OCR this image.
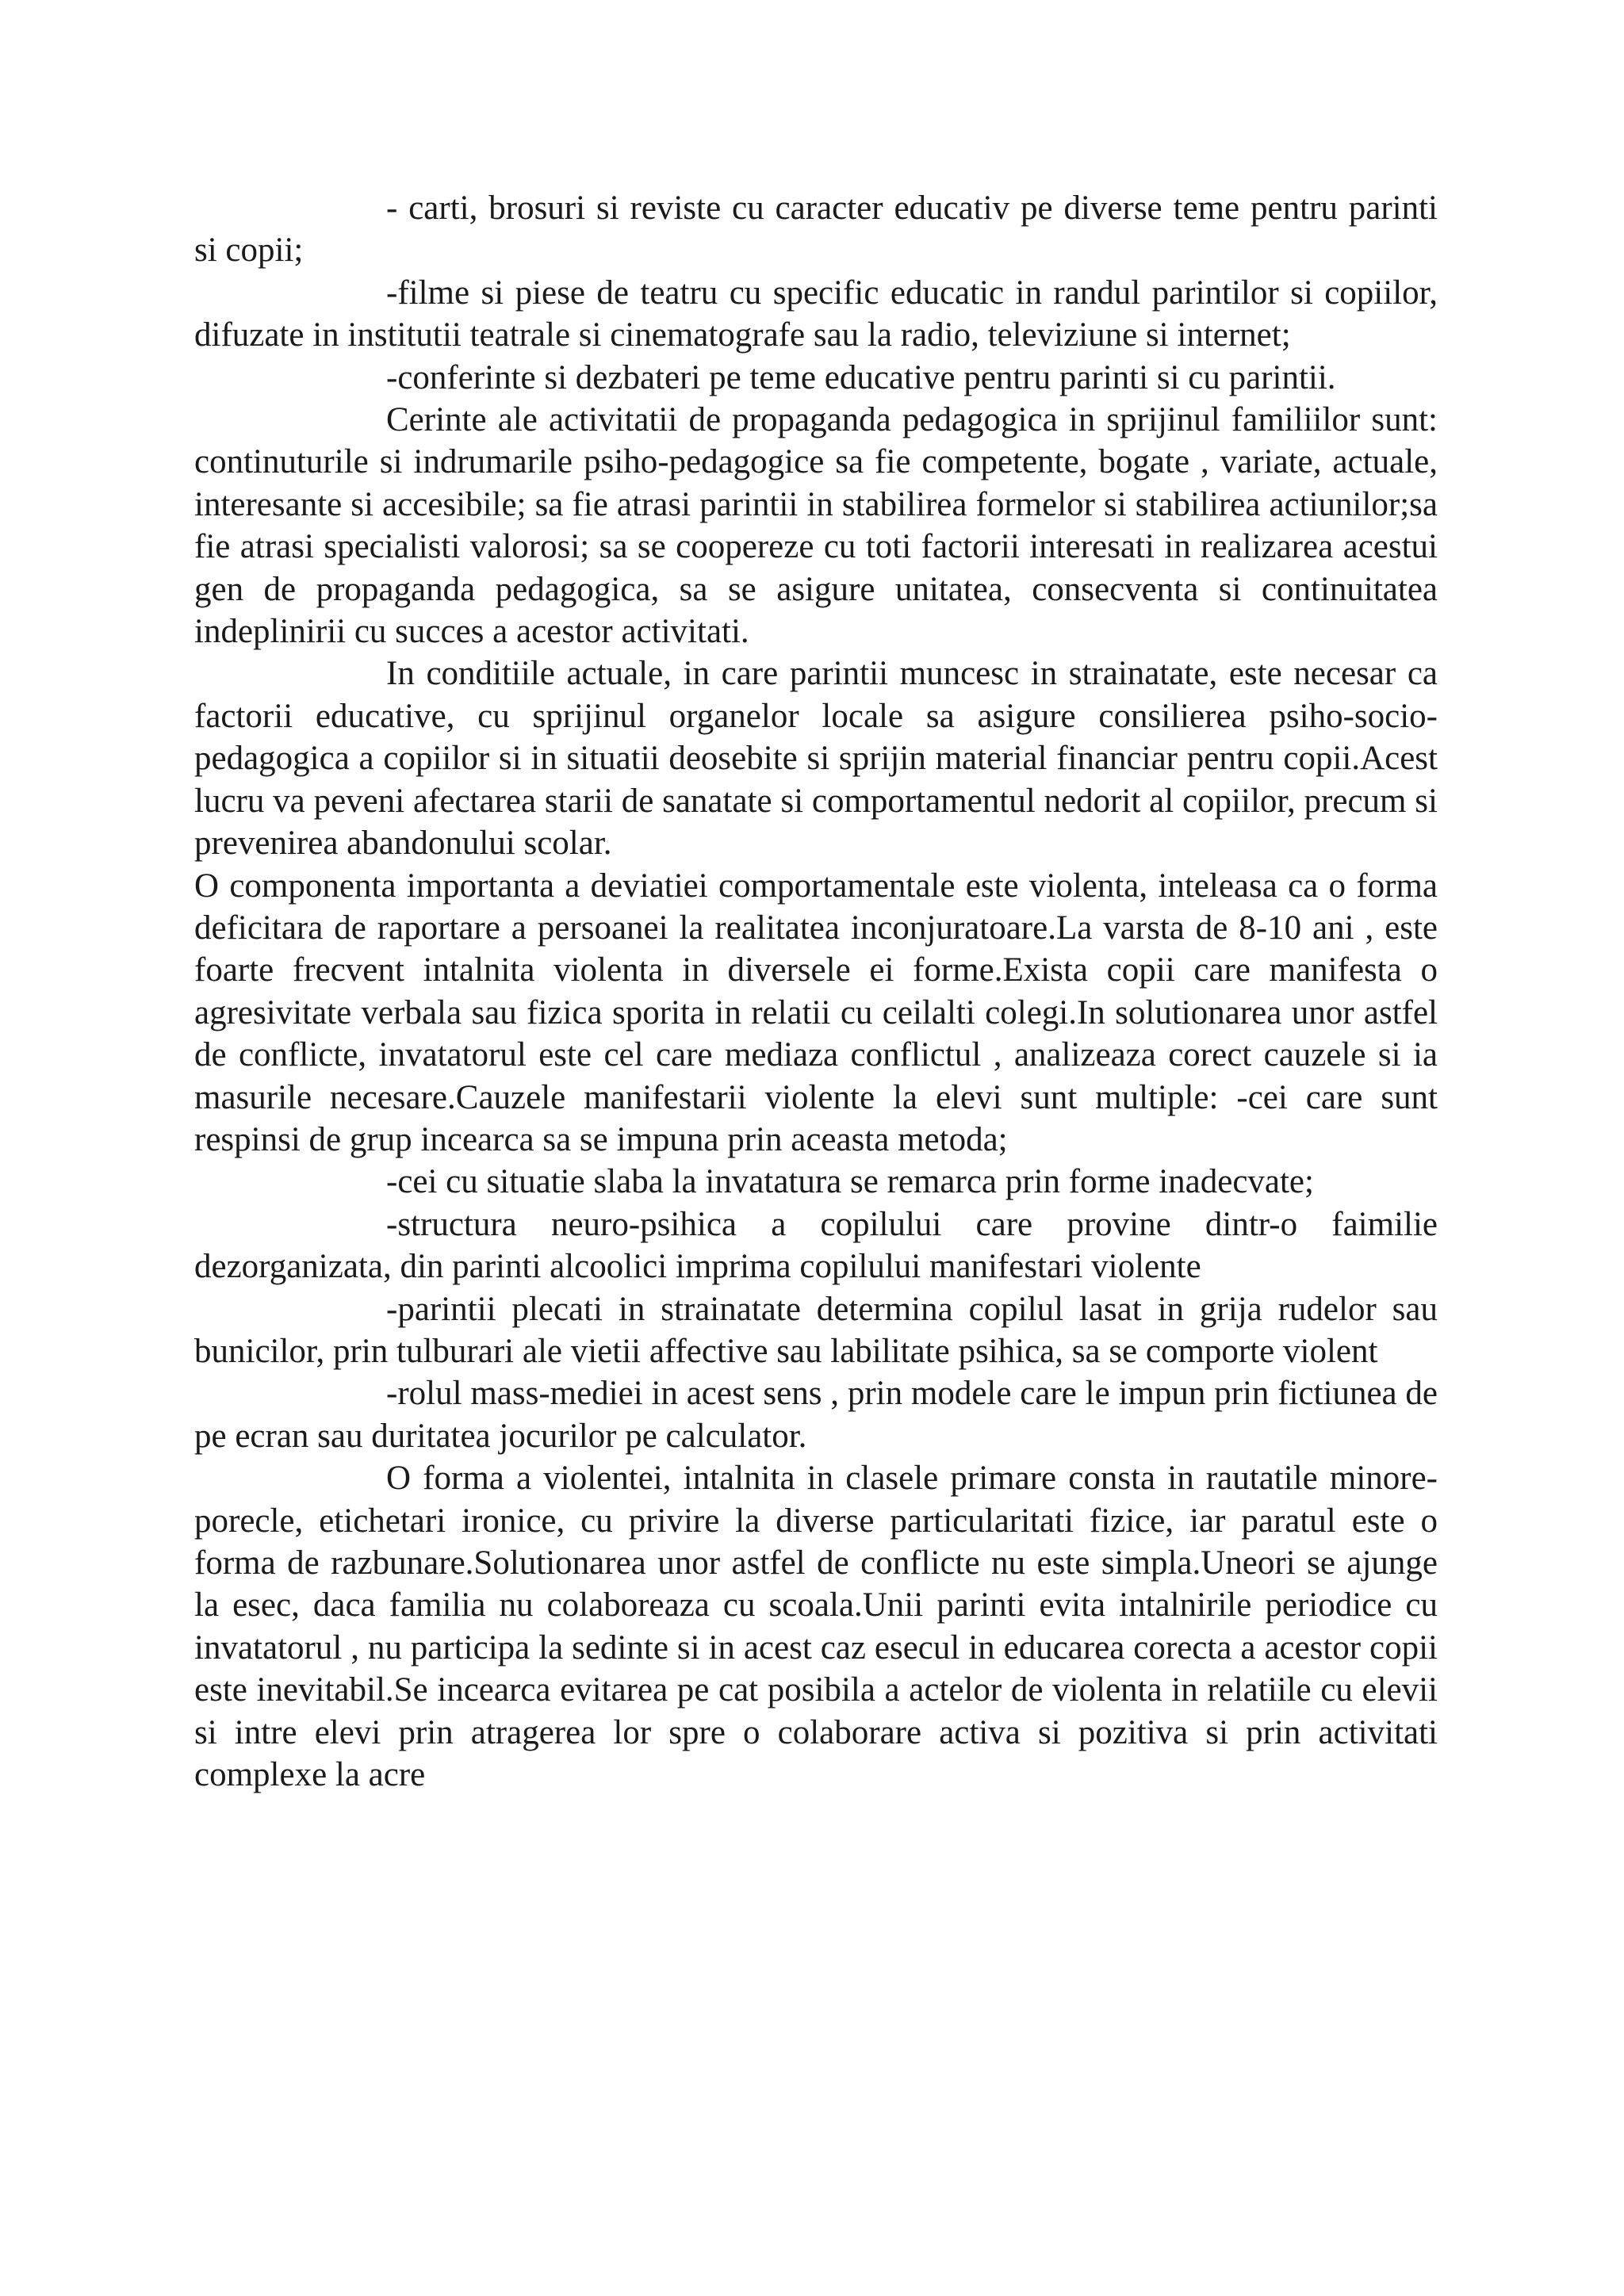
- carti, brosuri si reviste cu caracter educativ pe diverse teme pentru parinti si copii;

-filme si piese de teatru cu specific educatic in randul parintilor si copiilor, difuzate in institutii teatrale si cinematografe sau la radio, televiziune si internet;

-conferinte si dezbateri pe teme educative pentru parinti si cu parintii.

Cerinte ale activitatii de propaganda pedagogica in sprijinul familiilor sunt: continuturile si indrumarile psiho-pedagogice sa fie competente, bogate , variate, actuale, interesante si accesibile; sa fie atrasi parintii in stabilirea formelor si stabilirea actiunilor;sa fie atrasi specialisti valorosi; sa se coopereze cu toti factorii interesati in realizarea acestui gen de propaganda pedagogica, sa se asigure unitatea, consecventa si continuitatea indeplinirii cu succes a acestor activitati.

In conditiile actuale, in care parintii muncesc in strainatate, este necesar ca factorii educative, cu sprijinul organelor locale sa asigure consilierea psiho-socio-pedagogica a copiilor si in situatii deosebite si sprijin material financiar pentru copii.Acest lucru va peveni afectarea starii de sanatate si comportamentul nedorit al copiilor, precum si prevenirea abandonului scolar.

O componenta importanta a deviatiei comportamentale este violenta, inteleasa ca o forma deficitara de raportare a persoanei la realitatea inconjuratoare.La varsta de 8-10 ani , este foarte frecvent intalnita violenta in diversele ei forme.Exista copii care manifesta o agresivitate verbala sau fizica sporita in relatii cu ceilalti colegi.In solutionarea unor astfel de conflicte, invatatorul este cel care mediaza conflictul , analizeaza corect cauzele si ia masurile necesare.Cauzele manifestarii violente la elevi sunt multiple: -cei care sunt respinsi de grup incearca sa se impuna prin aceasta metoda;

-cei cu situatie slaba la invatatura se remarca prin forme inadecvate;

-structura neuro-psihica a copilului care provine dintr-o faimilie dezorganizata, din parinti alcoolici imprima copilului manifestari violente

-parintii plecati in strainatate determina copilul lasat in grija rudelor sau bunicilor, prin tulburari ale vietii affective sau labilitate psihica, sa se comporte violent

-rolul mass-mediei in acest sens , prin modele care le impun prin fictiunea de pe ecran sau duritatea jocurilor pe calculator.

O forma a violentei, intalnita in clasele primare consta in rautatile minore-porecle, etichetari ironice, cu privire la diverse particularitati fizice, iar paratul este o forma de razbunare.Solutionarea unor astfel de conflicte nu este simpla.Uneori se ajunge la esec, daca familia nu colaboreaza cu scoala.Unii parinti evita intalnirile periodice cu invatatorul , nu participa la sedinte si in acest caz esecul in educarea corecta a acestor copii este inevitabil.Se incearca evitarea pe cat posibila a actelor de violenta in relatiile cu elevii si intre elevi prin atragerea lor spre o colaborare activa si pozitiva si prin activitati complexe la acre
